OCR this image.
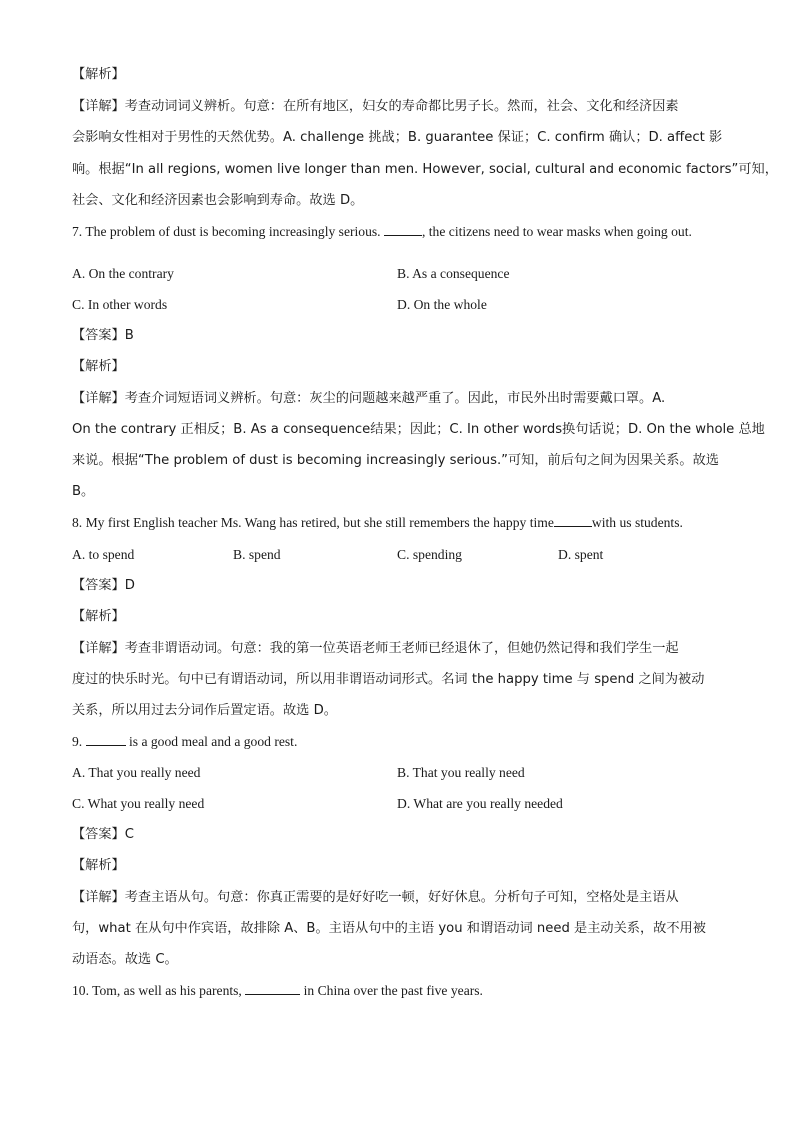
【解析】
【详解】考查动词词义辨析。句意：在所有地区，妇女的寿命都比男子长。然而，社会、文化和经济因素
会影响女性相对于男性的天然优势。A. challenge 挑战；B. guarantee 保证；C. confirm 确认；D. affect 影
响。根据“In all regions, women live longer than men. However, social, cultural and economic factors”可知，
社会、文化和经济因素也会影响到寿命。故选 D。
7. The problem of dust is becoming increasingly serious.	, the citizens need to wear masks when going out.
A. On the contrary	B. As a consequence
C. In other words	D. On the whole
【答案】B
【解析】
【详解】考查介词短语词义辨析。句意：灰尘的问题越来越严重了。因此，市民外出时需要戴口罩。A.
On the contrary 正相反；B. As a consequence结果；因此；C. In other words换句话说；D. On the whole 总地
来说。根据“The problem of dust is becoming increasingly serious.”可知，前后句之间为因果关系。故选
B。
8. My first English teacher Ms. Wang has retired, but she still remembers the happy time	with us students.
A. to spend	B. spend	C. spending	D. spent
【答案】D
【解析】
【详解】考查非谓语动词。句意：我的第一位英语老师王老师已经退休了，但她仍然记得和我们学生一起
度过的快乐时光。句中已有谓语动词，所以用非谓语动词形式。名词 the happy time 与 spend 之间为被动
关系，所以用过去分词作后置定语。故选 D。
9.	is a good meal and a good rest.
A. That you really need	B. That you really need
C. What you really need	D. What are you really needed
【答案】C
【解析】
【详解】考查主语从句。句意：你真正需要的是好好吃一顿，好好休息。分析句子可知，空格处是主语从
句，what 在从句中作宾语，故排除 A、B。主语从句中的主语 you 和谓语动词 need 是主动关系，故不用被
动语态。故选 C。
10. Tom, as well as his parents,	in China over the past five years.
